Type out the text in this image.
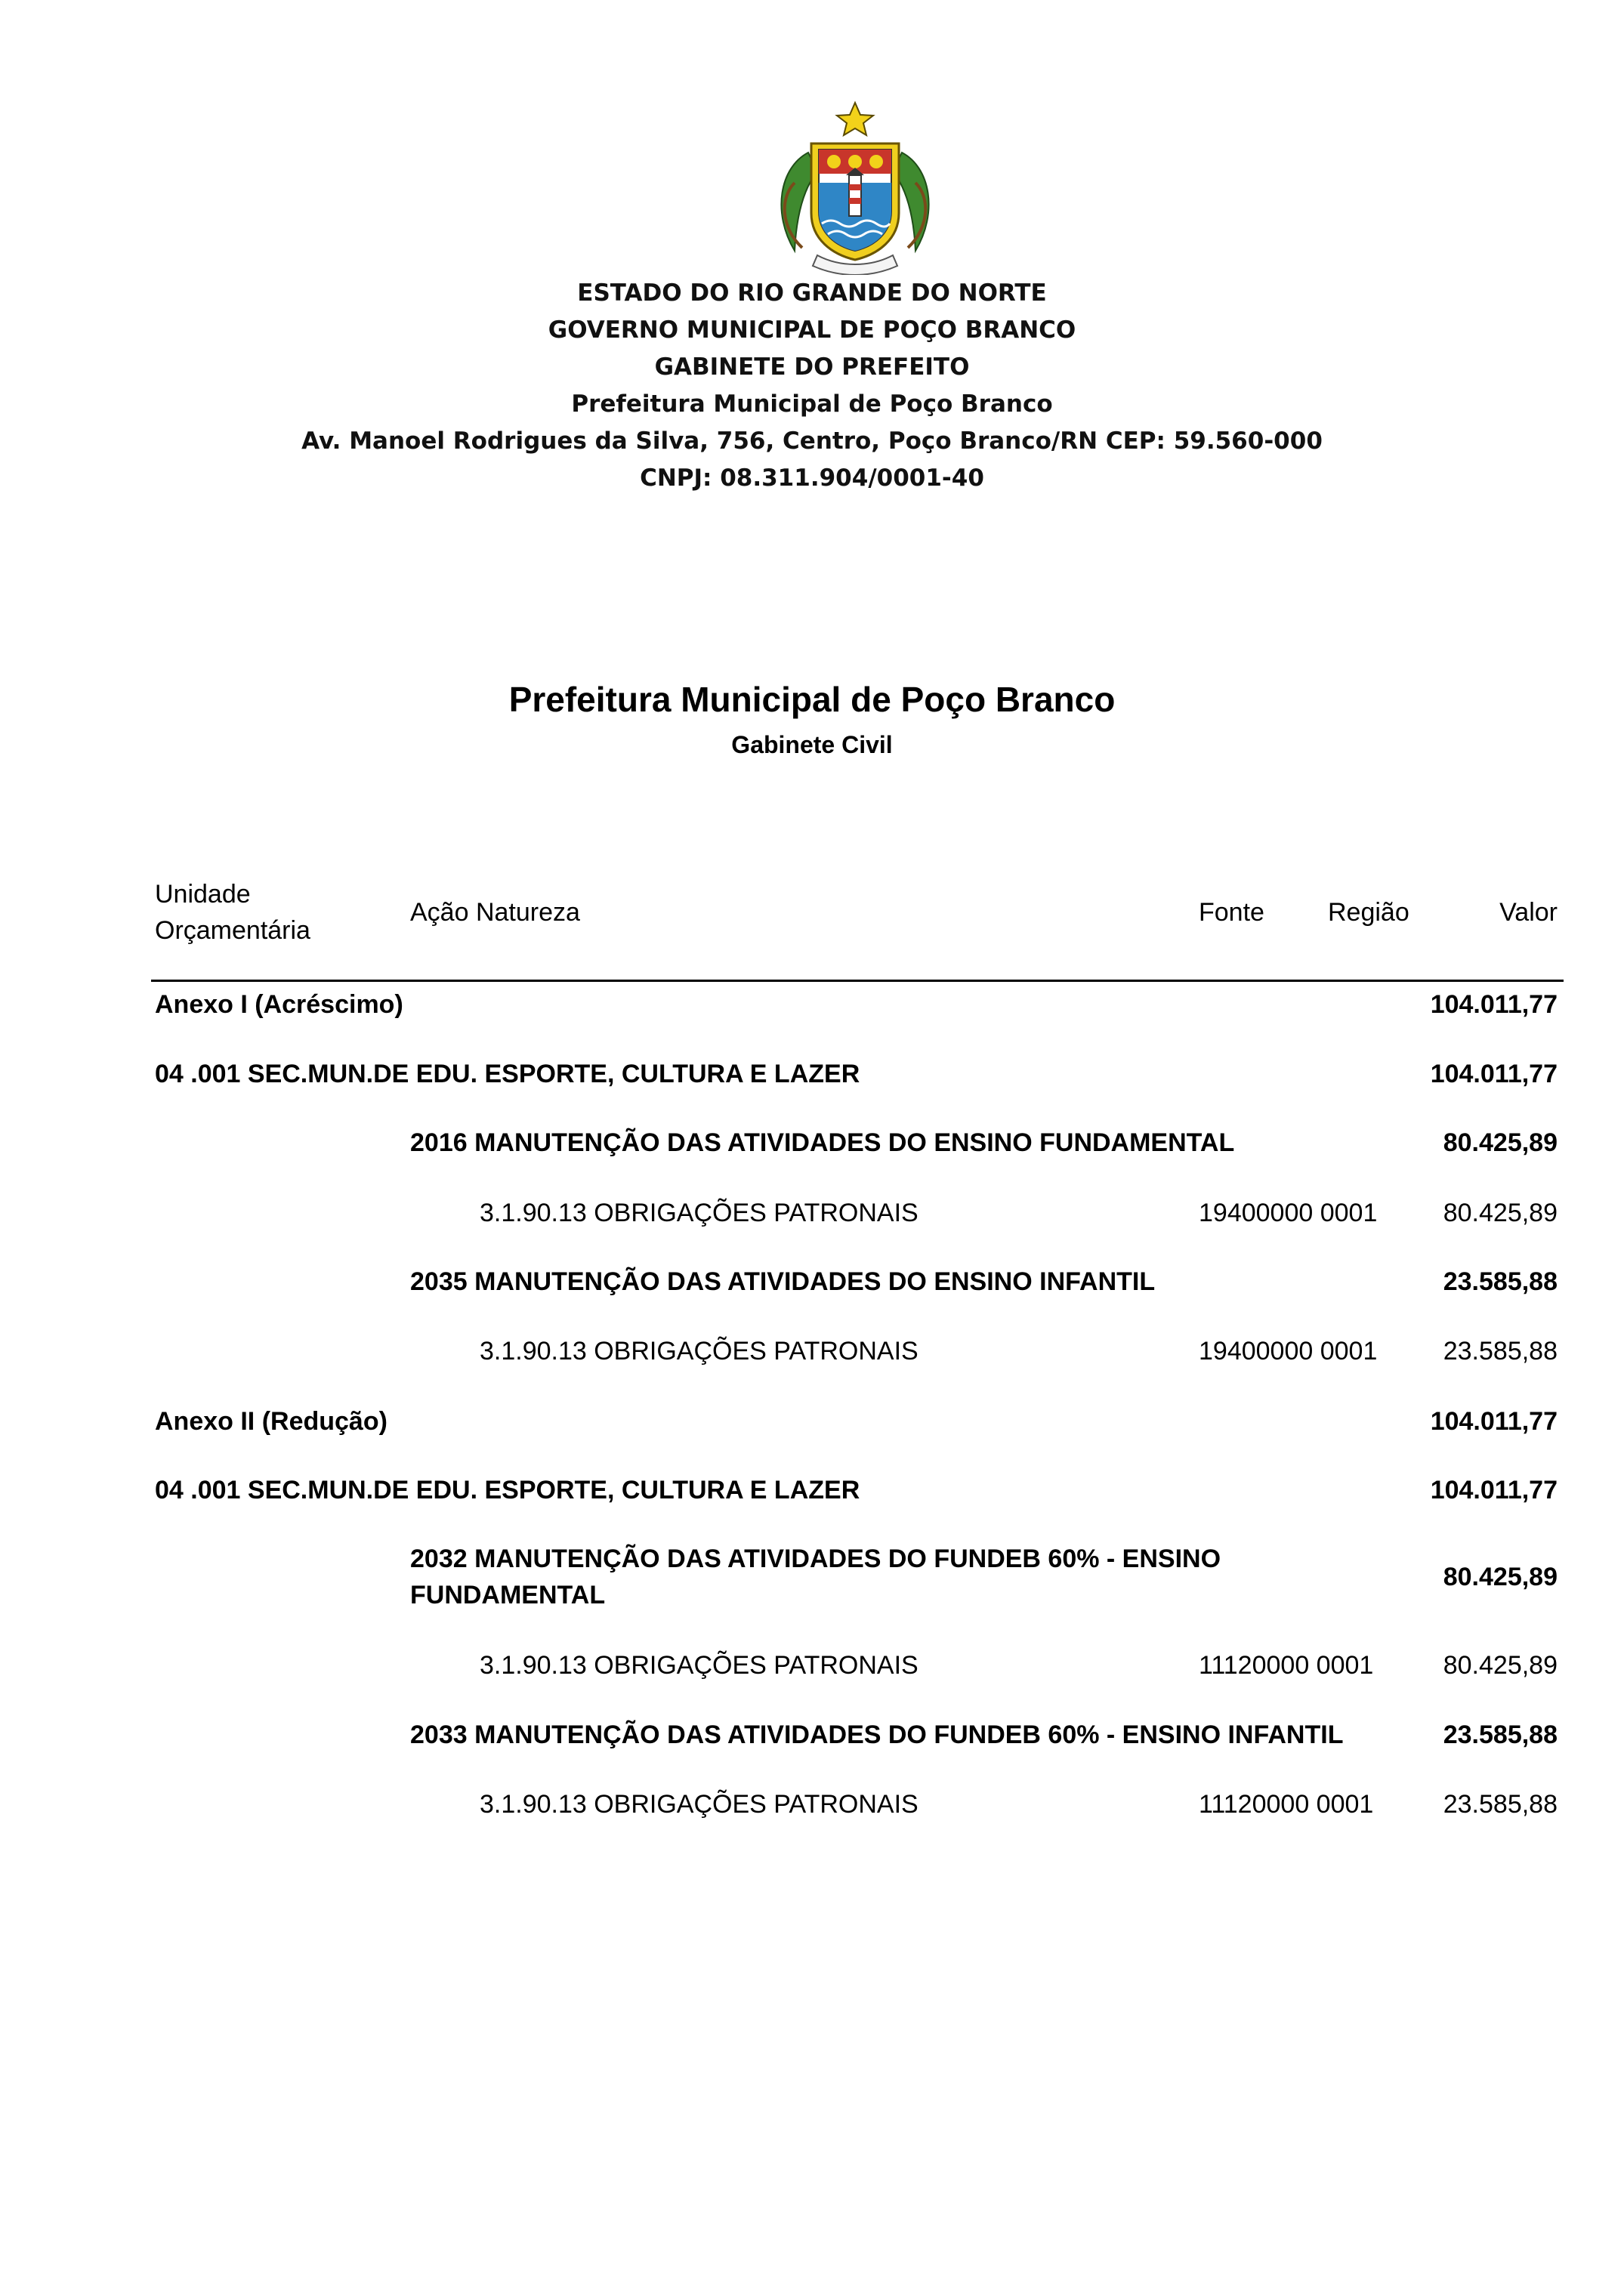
ESTADO DO RIO GRANDE DO NORTE
GOVERNO MUNICIPAL DE POÇO BRANCO
GABINETE DO PREFEITO
Prefeitura Municipal de Poço Branco
Av. Manoel Rodrigues da Silva, 756, Centro, Poço Branco/RN CEP: 59.560-000
CNPJ: 08.311.904/0001-40
Prefeitura Municipal de Poço Branco
Gabinete Civil
Unidade
Orçamentária
Ação Natureza	Fonte Região	Valor
Anexo I (Acréscimo)	104.011,77
04 .001 SEC.MUN.DE EDU. ESPORTE, CULTURA E LAZER	104.011,77
2016 MANUTENÇÃO DAS ATIVIDADES DO ENSINO FUNDAMENTAL	80.425,89
3.1.90.13 OBRIGAÇÕES PATRONAIS	19400000 0001	80.425,89
2035 MANUTENÇÃO DAS ATIVIDADES DO ENSINO INFANTIL	23.585,88
3.1.90.13 OBRIGAÇÕES PATRONAIS	19400000 0001	23.585,88
Anexo II (Redução)	104.011,77
04 .001 SEC.MUN.DE EDU. ESPORTE, CULTURA E LAZER	104.011,77
2032 MANUTENÇÃO DAS ATIVIDADES DO FUNDEB 60% - ENSINO FUNDAMENTAL
80.425,89
3.1.90.13 OBRIGAÇÕES PATRONAIS	11120000 0001	80.425,89
2033 MANUTENÇÃO DAS ATIVIDADES DO FUNDEB 60% - ENSINO INFANTIL	23.585,88
3.1.90.13 OBRIGAÇÕES PATRONAIS	11120000 0001	23.585,88
